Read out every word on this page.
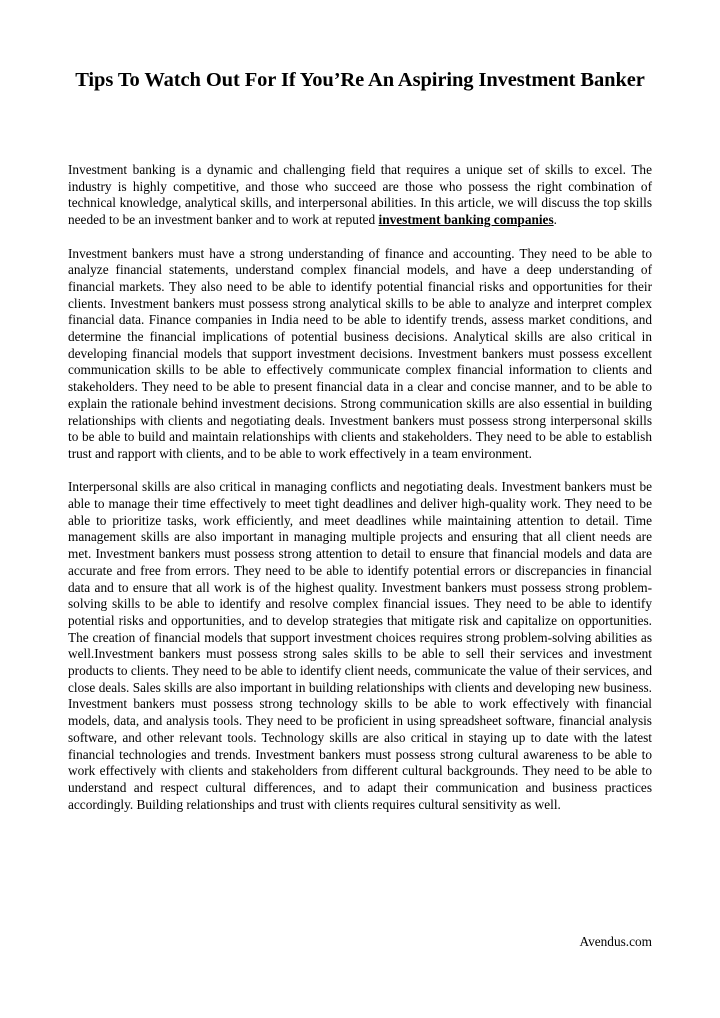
Tips To Watch Out For If You’Re An Aspiring Investment Banker

Investment banking is a dynamic and challenging field that requires a unique set of skills to excel. The industry is highly competitive, and those who succeed are those who possess the right combination of technical knowledge, analytical skills, and interpersonal abilities. In this article, we will discuss the top skills needed to be an investment banker and to work at reputed investment banking companies.

Investment bankers must have a strong understanding of finance and accounting. They need to be able to analyze financial statements, understand complex financial models, and have a deep understanding of financial markets. They also need to be able to identify potential financial risks and opportunities for their clients. Investment bankers must possess strong analytical skills to be able to analyze and interpret complex financial data. Finance companies in India need to be able to identify trends, assess market conditions, and determine the financial implications of potential business decisions. Analytical skills are also critical in developing financial models that support investment decisions. Investment bankers must possess excellent communication skills to be able to effectively communicate complex financial information to clients and stakeholders. They need to be able to present financial data in a clear and concise manner, and to be able to explain the rationale behind investment decisions. Strong communication skills are also essential in building relationships with clients and negotiating deals. Investment bankers must possess strong interpersonal skills to be able to build and maintain relationships with clients and stakeholders. They need to be able to establish trust and rapport with clients, and to be able to work effectively in a team environment.

Interpersonal skills are also critical in managing conflicts and negotiating deals. Investment bankers must be able to manage their time effectively to meet tight deadlines and deliver high-quality work. They need to be able to prioritize tasks, work efficiently, and meet deadlines while maintaining attention to detail. Time management skills are also important in managing multiple projects and ensuring that all client needs are met. Investment bankers must possess strong attention to detail to ensure that financial models and data are accurate and free from errors. They need to be able to identify potential errors or discrepancies in financial data and to ensure that all work is of the highest quality. Investment bankers must possess strong problem-solving skills to be able to identify and resolve complex financial issues. They need to be able to identify potential risks and opportunities, and to develop strategies that mitigate risk and capitalize on opportunities. The creation of financial models that support investment choices requires strong problem-solving abilities as well.Investment bankers must possess strong sales skills to be able to sell their services and investment products to clients. They need to be able to identify client needs, communicate the value of their services, and close deals. Sales skills are also important in building relationships with clients and developing new business. Investment bankers must possess strong technology skills to be able to work effectively with financial models, data, and analysis tools. They need to be proficient in using spreadsheet software, financial analysis software, and other relevant tools. Technology skills are also critical in staying up to date with the latest financial technologies and trends. Investment bankers must possess strong cultural awareness to be able to work effectively with clients and stakeholders from different cultural backgrounds. They need to be able to understand and respect cultural differences, and to adapt their communication and business practices accordingly. Building relationships and trust with clients requires cultural sensitivity as well.

Avendus.com
